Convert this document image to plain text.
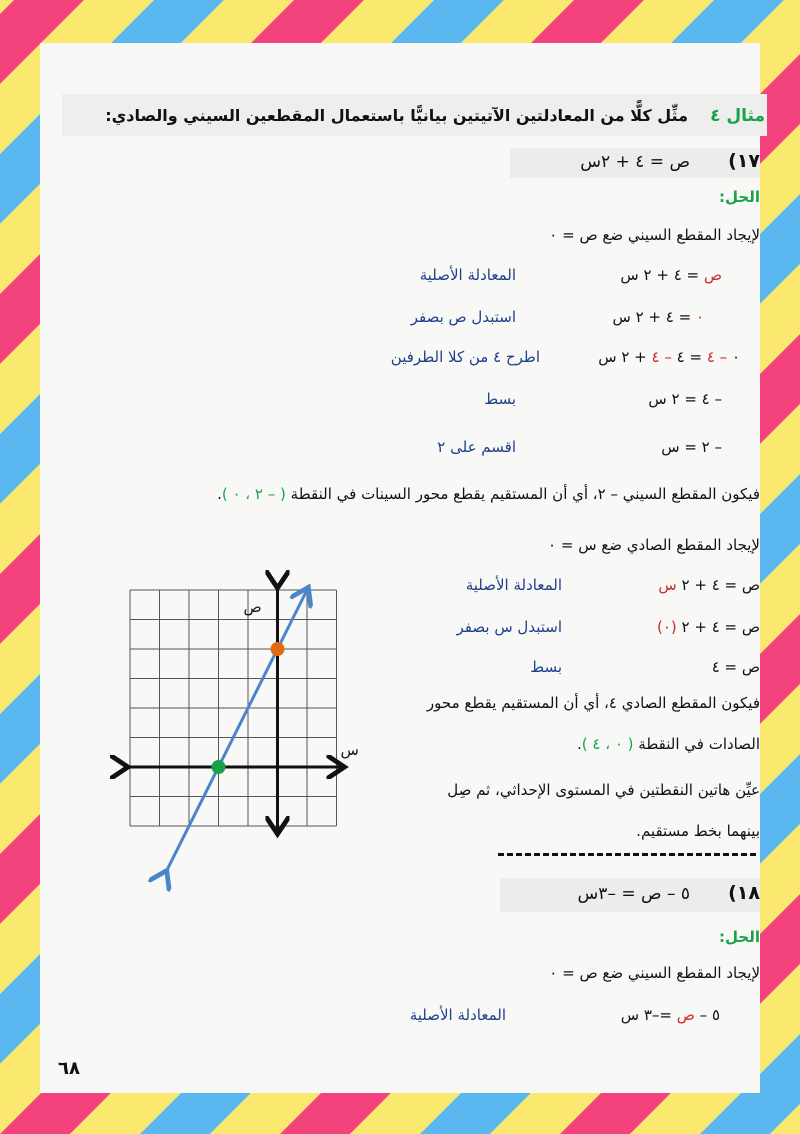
مثال ٤
مثِّل كلًّا من المعادلتين الآتيتين بيانيًّا باستعمال المقطعين السيني والصادي:
١٧)
ص = ٤ + ٢س
الحل:
لإيجاد المقطع السيني ضع ص = ٠
ص = ٤ + ٢ س
المعادلة الأصلية
٠ = ٤ + ٢ س
استبدل ص بصفر
٠ – ٤ = ٤ – ٤ + ٢ س
اطرح ٤ من كلا الطرفين
– ٤ = ٢ س
بسط
– ٢ = س
اقسم على ٢
فيكون المقطع السيني – ٢، أي أن المستقيم يقطع محور السينات في النقطة ( – ٢ ، ٠ ).
لإيجاد المقطع الصادي ضع س = ٠
ص = ٤ + ٢ س
المعادلة الأصلية
ص = ٤ + ٢ (٠)
استبدل س بصفر
ص = ٤
بسط
فيكون المقطع الصادي ٤، أي أن المستقيم يقطع محور
الصادات في النقطة ( ٠ ، ٤ ).
عيِّن هاتين النقطتين في المستوى الإحداثي، ثم صِل
بينهما بخط مستقيم.
س
ص
١٨)
٥ – ص = –٣س
الحل:
لإيجاد المقطع السيني ضع ص = ٠
٥ – ص =–٣ س
المعادلة الأصلية
٦٨
